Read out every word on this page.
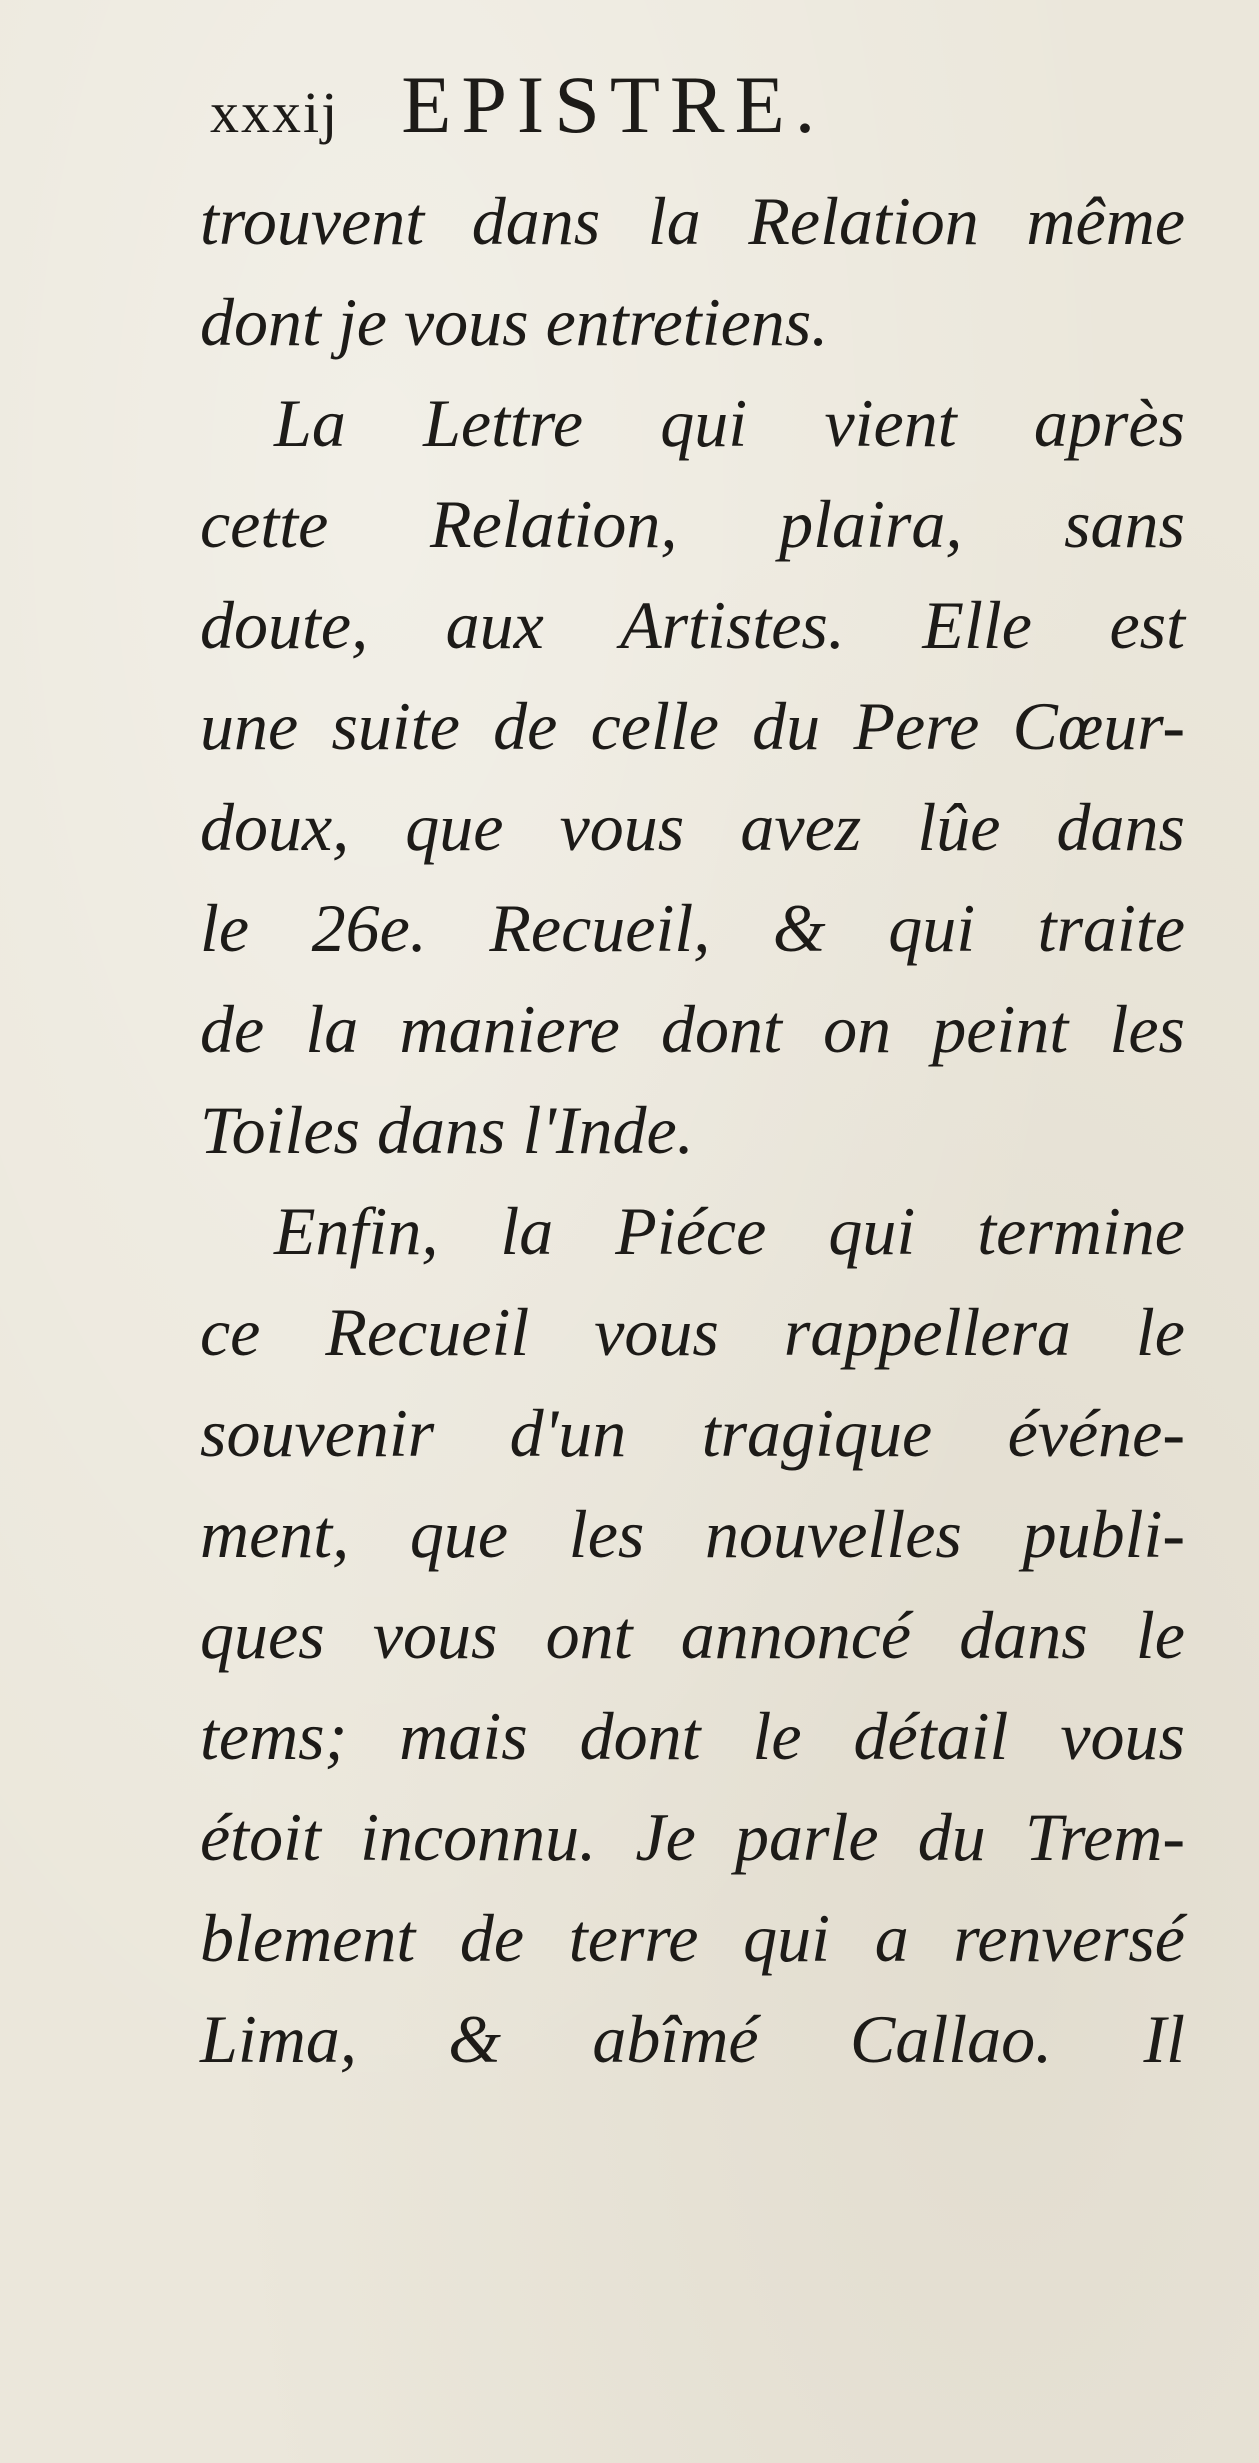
xxxij EPISTRE.
trouvent dans la Relation même
dont je vous entretiens.
La Lettre qui vient après
cette Relation, plaira, sans
doute, aux Artistes. Elle est
une suite de celle du Pere Cœur-
doux, que vous avez lûe dans
le 26e. Recueil, & qui traite
de la maniere dont on peint les
Toiles dans l'Inde.
Enfin, la Piéce qui termine
ce Recueil vous rappellera le
souvenir d'un tragique événe-
ment, que les nouvelles publi-
ques vous ont annoncé dans le
tems; mais dont le détail vous
étoit inconnu. Je parle du Trem-
blement de terre qui a renversé
Lima, & abîmé Callao. Il
